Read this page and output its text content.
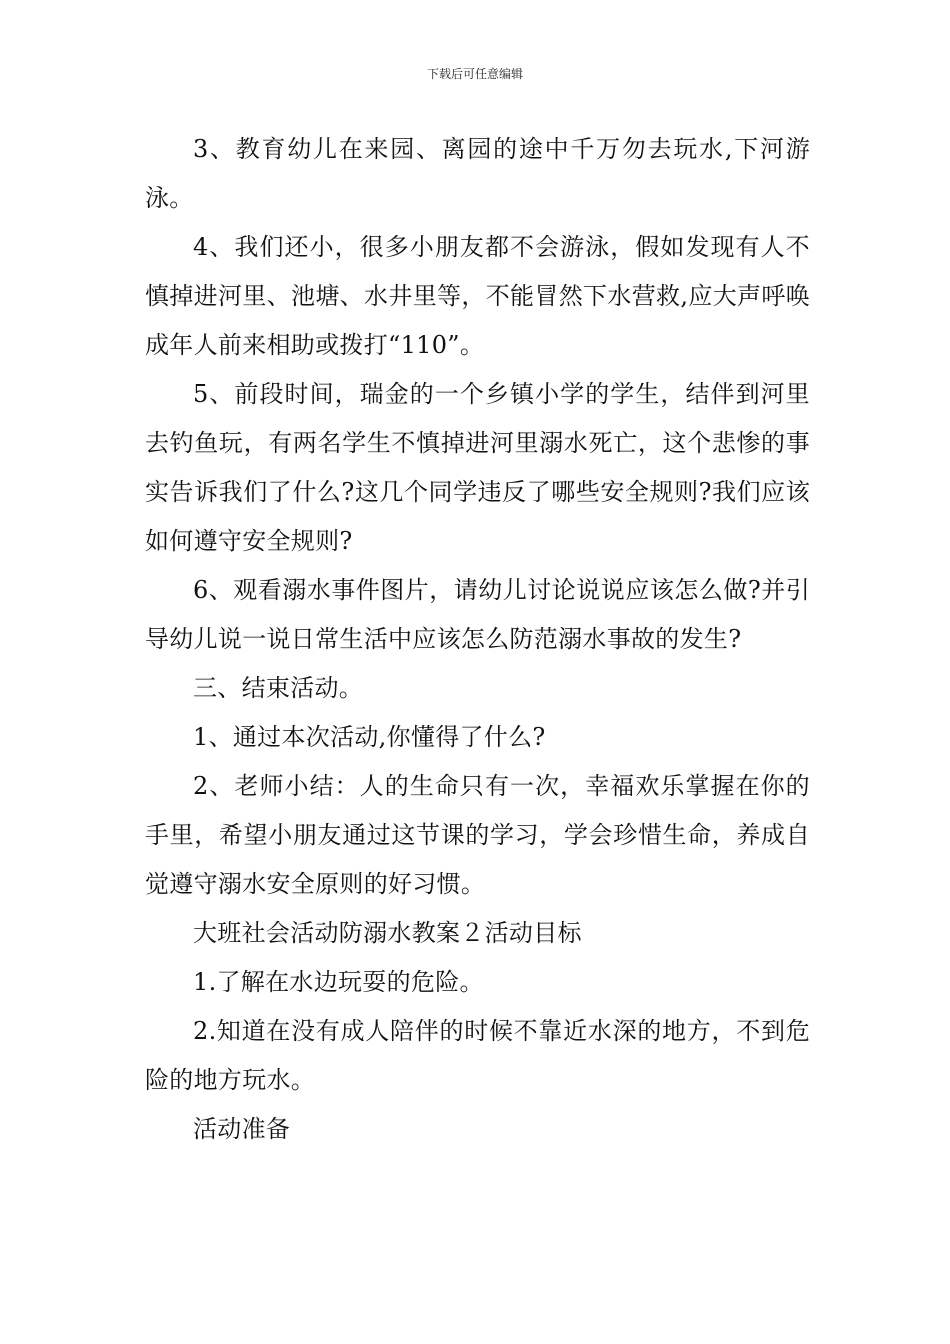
下载后可任意编辑

3、教育幼儿在来园、离园的途中千万勿去玩水,下河游泳。

4、我们还小，很多小朋友都不会游泳，假如发现有人不慎掉进河里、池塘、水井里等，不能冒然下水营救,应大声呼唤成年人前来相助或拨打“110”。

5、前段时间，瑞金的一个乡镇小学的学生，结伴到河里去钓鱼玩，有两名学生不慎掉进河里溺水死亡，这个悲惨的事实告诉我们了什么?这几个同学违反了哪些安全规则?我们应该如何遵守安全规则?

6、观看溺水事件图片，请幼儿讨论说说应该怎么做?并引导幼儿说一说日常生活中应该怎么防范溺水事故的发生?

三、结束活动。

1、通过本次活动,你懂得了什么?

2、老师小结：人的生命只有一次，幸福欢乐掌握在你的手里，希望小朋友通过这节课的学习，学会珍惜生命，养成自觉遵守溺水安全原则的好习惯。

大班社会活动防溺水教案２活动目标

1.了解在水边玩耍的危险。

2.知道在没有成人陪伴的时候不靠近水深的地方，不到危险的地方玩水。

活动准备
